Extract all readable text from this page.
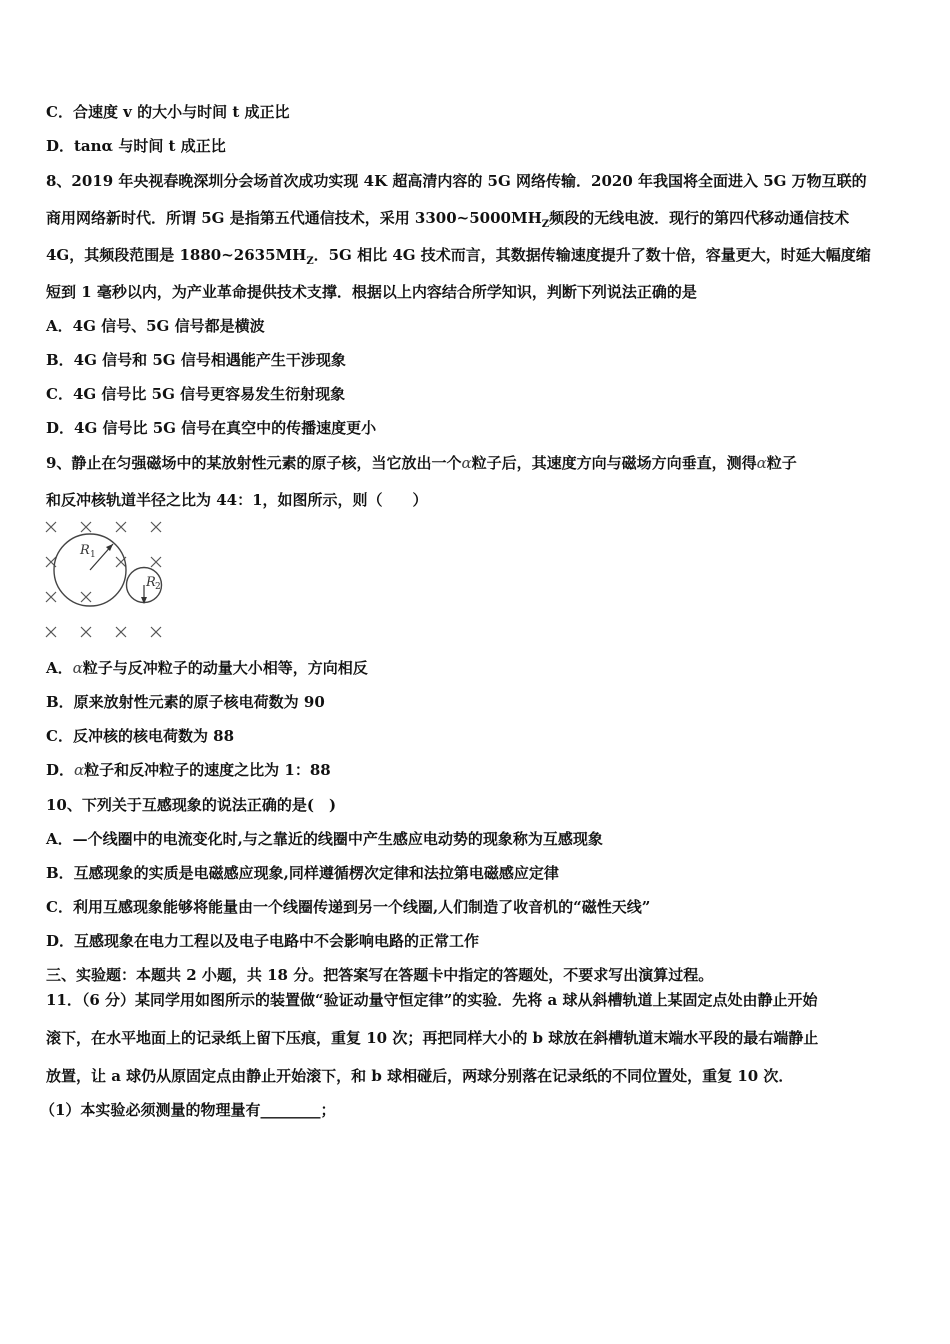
C．合速度 v 的大小与时间 t 成正比

D．tanα 与时间 t 成正比

8、2019 年央视春晚深圳分会场首次成功实现 4K 超高清内容的 5G 网络传输．2020 年我国将全面进入 5G 万物互联的

商用网络新时代．所谓 5G 是指第五代通信技术，采用 $3300\sim 5000MH_Z$频段的无线电波．现行的第四代移动通信技术

4G，其频段范围是 $1880\sim 2635MH_Z$．5G 相比 4G 技术而言，其数据传输速度提升了数十倍，容量更大，时延大幅度缩

短到 1 毫秒以内，为产业革命提供技术支撑．根据以上内容结合所学知识，判断下列说法正确的是

A．4G 信号、5G 信号都是横波

B．4G 信号和 5G 信号相遇能产生干涉现象

C．4G 信号比 5G 信号更容易发生衍射现象

D．4G 信号比 5G 信号在真空中的传播速度更小

9、静止在匀强磁场中的某放射性元素的原子核，当它放出一个α粒子后，其速度方向与磁场方向垂直，测得α粒子

和反冲核轨道半径之比为 44：1，如图所示，则（　　）

R 1
R 2

A．α粒子与反冲粒子的动量大小相等，方向相反

B．原来放射性元素的原子核电荷数为 90

C．反冲核的核电荷数为 88

D．α粒子和反冲粒子的速度之比为 1：88

10、下列关于互感现象的说法正确的是(　)

A．—个线圈中的电流变化时,与之靠近的线圈中产生感应电动势的现象称为互感现象

B．互感现象的实质是电磁感应现象,同样遵循楞次定律和法拉第电磁感应定律

C．利用互感现象能够将能量由一个线圈传递到另一个线圈,人们制造了收音机的“磁性天线”

D．互感现象在电力工程以及电子电路中不会影响电路的正常工作

三、实验题：本题共 2 小题，共 18 分。把答案写在答题卡中指定的答题处，不要求写出演算过程。

11．（6 分）某同学用如图所示的装置做“验证动量守恒定律”的实验．先将 a 球从斜槽轨道上某固定点处由静止开始

滚下，在水平地面上的记录纸上留下压痕，重复 10 次；再把同样大小的 b 球放在斜槽轨道末端水平段的最右端静止

放置，让 a 球仍从原固定点由静止开始滚下，和 b 球相碰后，两球分别落在记录纸的不同位置处，重复 10 次．

（1）本实验必须测量的物理量有________；
